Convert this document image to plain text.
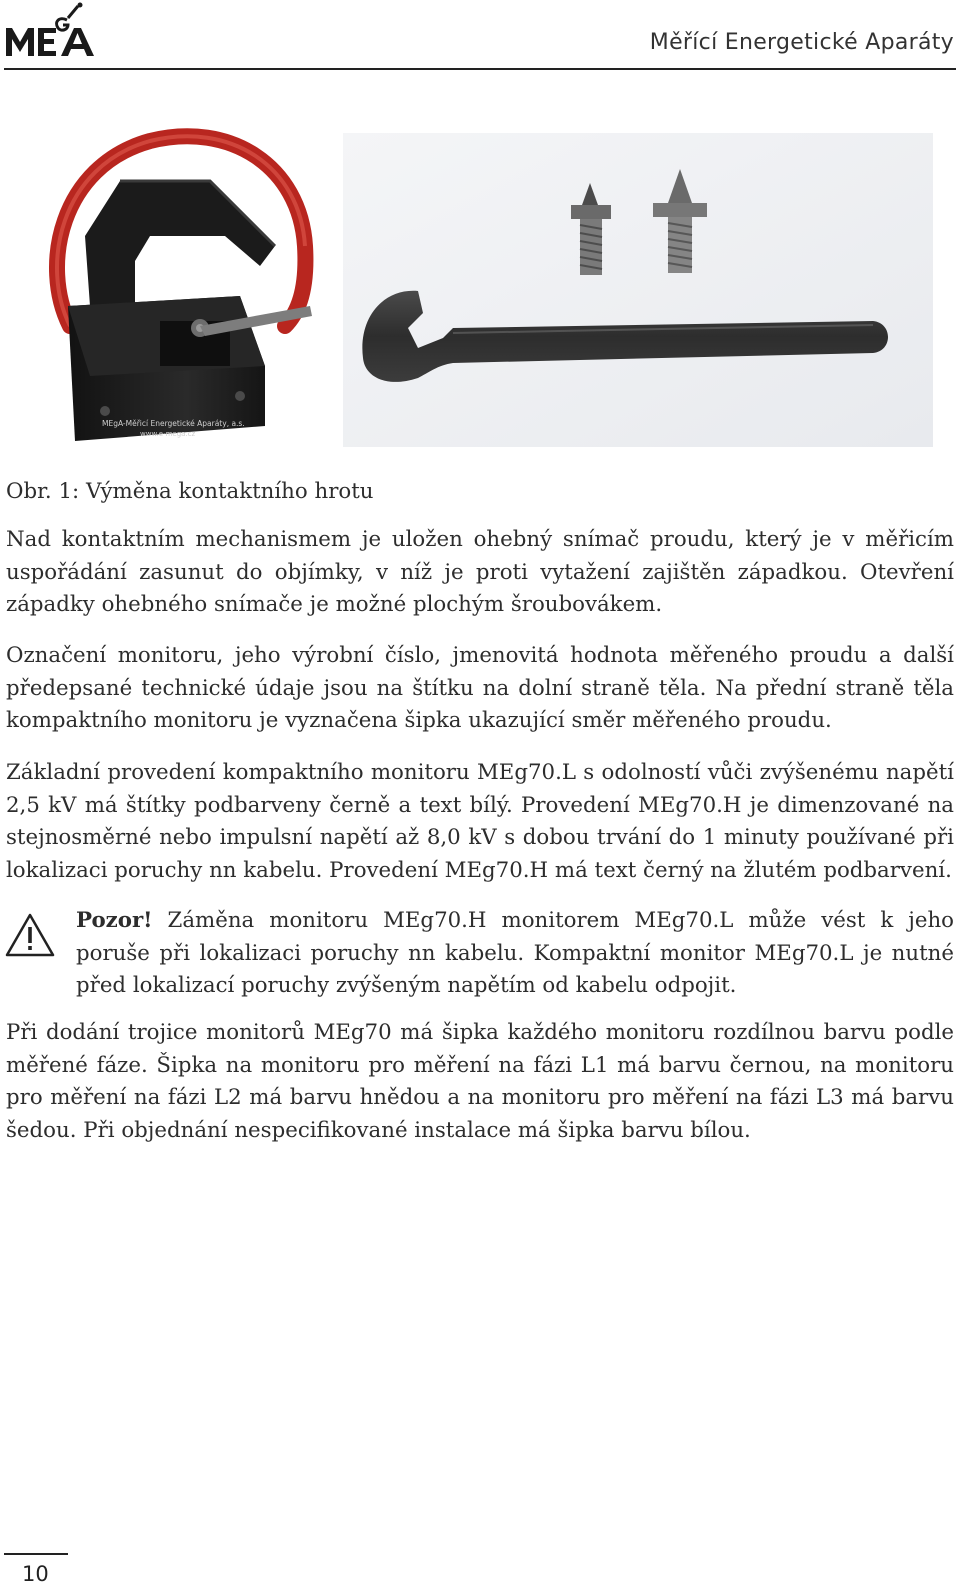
Měřící Energetické Aparáty
MEgA-Měřicí Energetické Aparáty, a.s.
www.e-mega.cz

Obr. 1: Výměna kontaktního hrotu

Nad kontaktním mechanismem je uložen ohebný snímač proudu, který je v měřicím uspořádání zasunut do objímky, v níž je proti vytažení zajištěn západkou. Otevření západky ohebného snímače je možné plochým šroubovákem.

Označení monitoru, jeho výrobní číslo, jmenovitá hodnota měřeného proudu a další předepsané technické údaje jsou na štítku na dolní straně těla. Na přední straně těla kompaktního monitoru je vyznačena šipka ukazující směr měřeného proudu.

Základní provedení kompaktního monitoru MEg70.L s odolností vůči zvýšenému napětí 2,5 kV má štítky podbarveny černě a text bílý. Provedení MEg70.H je dimenzované na stejnosměrné nebo impulsní napětí až 8,0 kV s dobou trvání do 1 minuty používané při lokalizaci poruchy nn kabelu. Provedení MEg70.H má text černý na žlutém podbarvení.

Pozor! Záměna monitoru MEg70.H monitorem MEg70.L může vést k jeho poruše při lokalizaci poruchy nn kabelu. Kompaktní monitor MEg70.L je nutné před lokalizací poruchy zvýšeným napětím od kabelu odpojit.

Při dodání trojice monitorů MEg70 má šipka každého monitoru rozdílnou barvu podle měřené fáze. Šipka na monitoru pro měření na fázi L1 má barvu černou, na monitoru pro měření na fázi L2 má barvu hnědou a na monitoru pro měření na fázi L3 má barvu šedou. Při objednání nespecifikované instalace má šipka barvu bílou.

10
